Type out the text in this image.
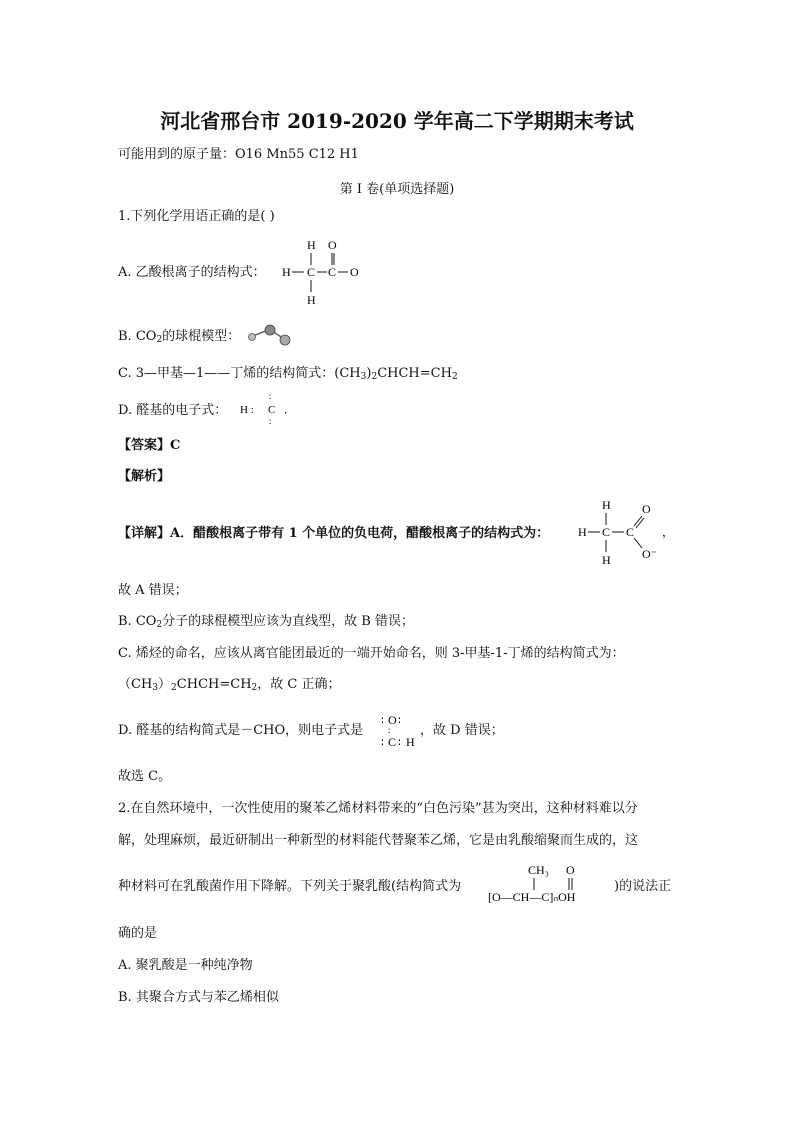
河北省邢台市 2019-2020 学年高二下学期期末考试
可能用到的原子量：O16 Mn55 C12 H1
第 I 卷(单项选择题)
1.下列化学用语正确的是( )
A. 乙酸根离子的结构式：
H O
H C C O
H
B. $CO_2$的球棍模型：
C. 3—甲基—1——丁烯的结构简式：$(CH_3)_2CHCH=CH_2$
D. 醛基的电子式：
∶
H : C
∶
．
【答案】C
【解析】
【详解】A．醋酸根离子带有 1 个单位的负电荷，醋酸根离子的结构式为：
H
H C C
O
O⁻
H
，
故 A 错误；
B. $CO_2$分子的球棍模型应该为直线型，故 B 错误；
C. 烯烃的命名，应该从离官能团最近的一端开始命名，则 3-甲基-1-丁烯的结构简式为：
$(CH_3)_2CHCH=CH_2$，故 C 正确；
D. 醛基的结构简式是－CHO，则电子式是
∶ O ∶
∶
∶ C ∶ H
，故 D 错误；
故选 C。
2.在自然环境中，一次性使用的聚苯乙烯材料带来的“白色污染”甚为突出，这种材料难以分
解，处理麻烦，最近研制出一种新型的材料能代替聚苯乙烯，它是由乳酸缩聚而生成的，这
种材料可在乳酸菌作用下降解。下列关于聚乳酸(结构简式为
CH₃ O
[O—CH—C]ₙOH
)的说法正
确的是
A. 聚乳酸是一种纯净物
B. 其聚合方式与苯乙烯相似
